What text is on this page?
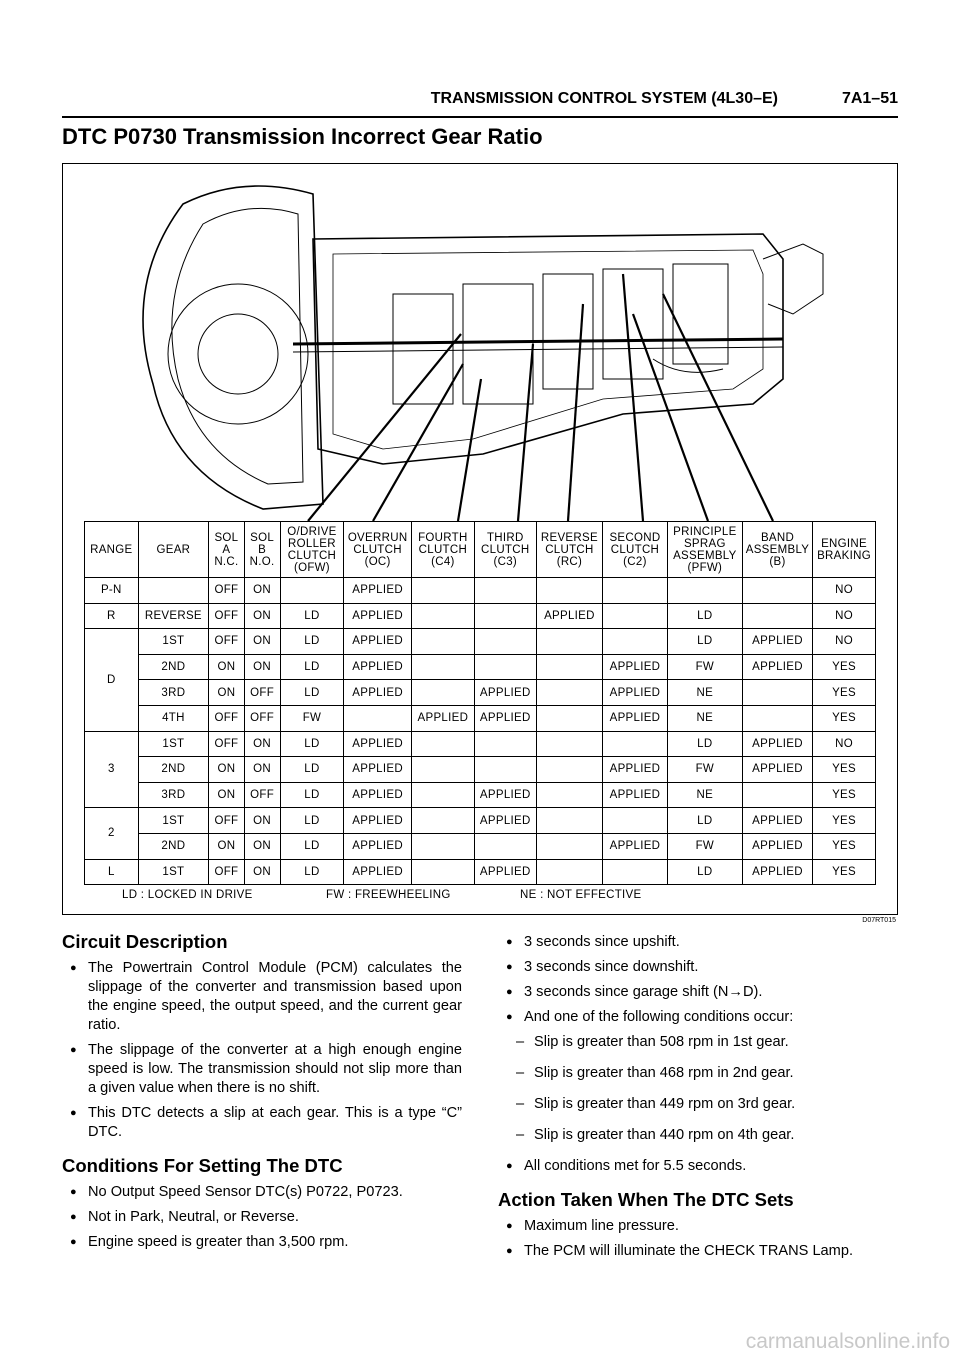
TRANSMISSION CONTROL SYSTEM (4L30–E)	7A1–51
DTC P0730 Transmission Incorrect Gear Ratio
RANGE	GEAR	SOL A N.C.	SOL B N.O.	O/DRIVE ROLLER CLUTCH (OFW)	OVERRUN CLUTCH (OC)	FOURTH CLUTCH (C4)	THIRD CLUTCH (C3)	REVERSE CLUTCH (RC)	SECOND CLUTCH (C2)	PRINCIPLE SPRAG ASSEMBLY (PFW)	BAND ASSEMBLY (B)	ENGINE BRAKING
P-N		OFF	ON		APPLIED							NO
R	REVERSE	OFF	ON	LD	APPLIED			APPLIED		LD		NO
D	1ST	OFF	ON	LD	APPLIED					LD	APPLIED	NO
	2ND	ON	ON	LD	APPLIED				APPLIED	FW	APPLIED	YES
	3RD	ON	OFF	LD	APPLIED		APPLIED		APPLIED	NE		YES
	4TH	OFF	OFF	FW		APPLIED	APPLIED		APPLIED	NE		YES
3	1ST	OFF	ON	LD	APPLIED					LD	APPLIED	NO
	2ND	ON	ON	LD	APPLIED				APPLIED	FW	APPLIED	YES
	3RD	ON	OFF	LD	APPLIED		APPLIED		APPLIED	NE		YES
2	1ST	OFF	ON	LD	APPLIED		APPLIED			LD	APPLIED	YES
	2ND	ON	ON	LD	APPLIED				APPLIED	FW	APPLIED	YES
L	1ST	OFF	ON	LD	APPLIED		APPLIED			LD	APPLIED	YES
LD : LOCKED IN DRIVE	FW : FREEWHEELING	NE : NOT EFFECTIVE
D07RT015
Circuit Description
● The Powertrain Control Module (PCM) calculates the slippage of the converter and transmission based upon the engine speed, the output speed, and the current gear ratio.
● The slippage of the converter at a high enough engine speed is low. The transmission should not slip more than a given value when there is no shift.
● This DTC detects a slip at each gear. This is a type “C” DTC.
Conditions For Setting The DTC
● No Output Speed Sensor DTC(s) P0722, P0723.
● Not in Park, Neutral, or Reverse.
● Engine speed is greater than 3,500 rpm.
● 3 seconds since upshift.
● 3 seconds since downshift.
● 3 seconds since garage shift (N→D).
● And one of the following conditions occur:
– Slip is greater than 508 rpm in 1st gear.
– Slip is greater than 468 rpm in 2nd gear.
– Slip is greater than 449 rpm on 3rd gear.
– Slip is greater than 440 rpm on 4th gear.
● All conditions met for 5.5 seconds.
Action Taken When The DTC Sets
● Maximum line pressure.
● The PCM will illuminate the CHECK TRANS Lamp.
carmanualsonline.info
